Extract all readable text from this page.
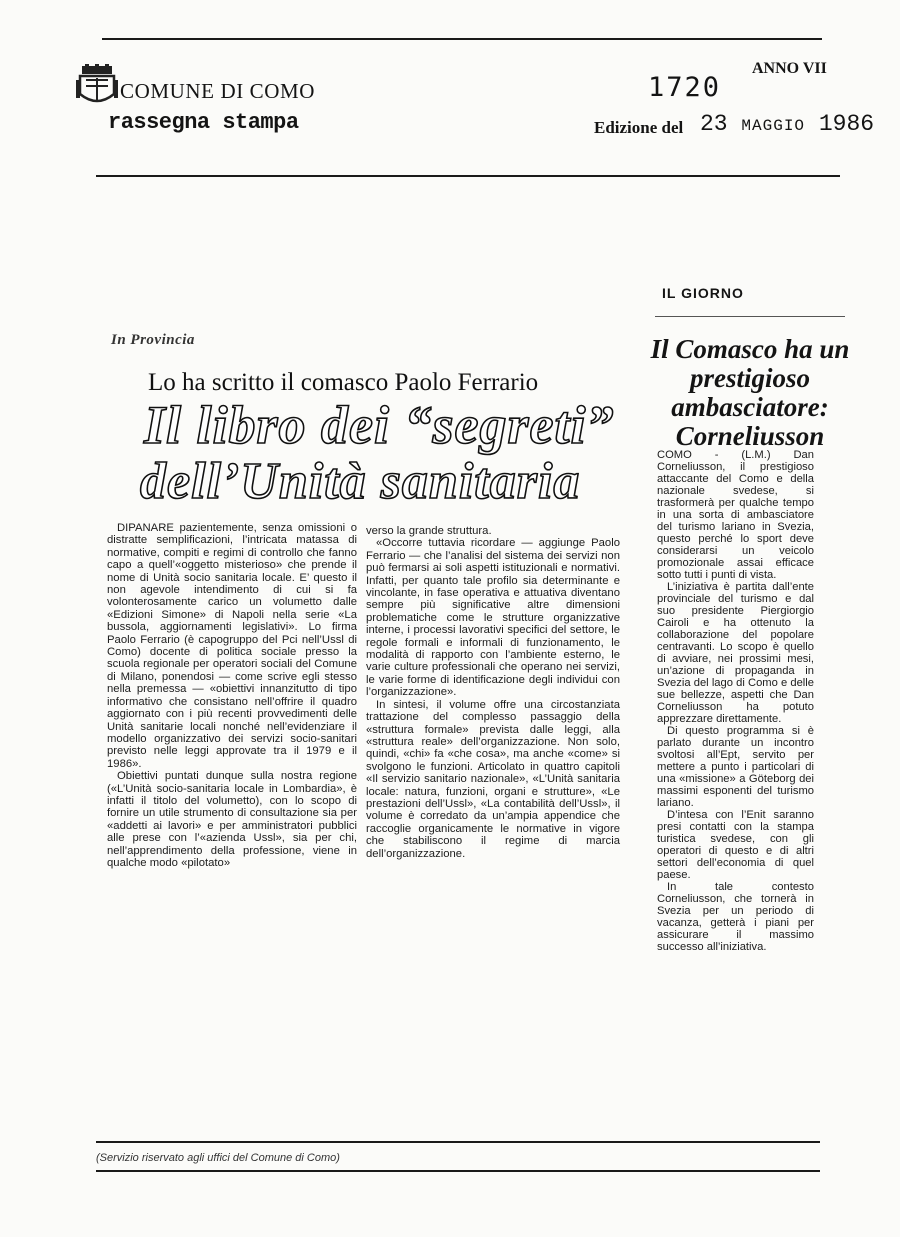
COMUNE DI COMO
rassegna stampa
ANNO VII
1720
Edizione del 23 MAGGIO 1986
In Provincia
Lo ha scritto il comasco Paolo Ferrario
Il libro dei “segreti”
dell’Unità sanitaria

DIPANARE pazientemente, senza omissioni o distratte semplificazioni, l’intricata matassa di normative, compiti e regimi di controllo che fanno capo a quell’«oggetto misterioso» che prende il nome di Unità socio sanitaria locale. E’ questo il non agevole intendimento di cui si fa volonterosamente carico un volumetto dalle «Edizioni Simone» di Napoli nella serie «La bussola, aggiornamenti legislativi». Lo firma Paolo Ferrario (è capogruppo del Pci nell’Ussl di Como) docente di politica sociale presso la scuola regionale per operatori sociali del Comune di Milano, ponendosi — come scrive egli stesso nella premessa — «obiettivi innanzitutto di tipo informativo che consistano nell’offrire il quadro aggiornato con i più recenti provvedimenti delle Unità sanitarie locali nonché nell’evidenziare il modello organizzativo dei servizi socio-sanitari previsto nelle leggi approvate tra il 1979 e il 1986».

Obiettivi puntati dunque sulla nostra regione («L’Unità socio-sanitaria locale in Lombardia», è infatti il titolo del volumetto), con lo scopo di fornire un utile strumento di consultazione sia per «addetti ai lavori» e per amministratori pubblici alle prese con l’«azienda Ussl», sia per chi, nell’apprendimento della professione, viene in qualche modo «pilotato»

verso la grande struttura.

«Occorre tuttavia ricordare — aggiunge Paolo Ferrario — che l’analisi del sistema dei servizi non può fermarsi ai soli aspetti istituzionali e normativi. Infatti, per quanto tale profilo sia determinante e vincolante, in fase operativa e attuativa diventano sempre più significative altre dimensioni problematiche come le strutture organizzative interne, i processi lavorativi specifici del settore, le regole formali e informali di funzionamento, le modalità di rapporto con l’ambiente esterno, le varie culture professionali che operano nei servizi, le varie forme di identificazione degli individui con l’organizzazione».

In sintesi, il volume offre una circostanziata trattazione del complesso passaggio della «struttura formale» prevista dalle leggi, alla «struttura reale» dell’organizzazione. Non solo, quindi, «chi» fa «che cosa», ma anche «come» si svolgono le funzioni. Articolato in quattro capitoli «Il servizio sanitario nazionale», «L’Unità sanitaria locale: natura, funzioni, organi e strutture», «Le prestazioni dell’Ussl», «La contabilità dell’Ussl», il volume è corredato da un’ampia appendice che raccoglie organicamente le normative in vigore che stabiliscono il regime di marcia dell’organizzazione.

IL GIORNO
Il Comasco ha un prestigioso ambasciatore: Corneliusson

COMO - (L.M.) Dan Corneliusson, il prestigioso attaccante del Como e della nazionale svedese, si trasformerà per qualche tempo in una sorta di ambasciatore del turismo lariano in Svezia, questo perché lo sport deve considerarsi un veicolo promozionale assai efficace sotto tutti i punti di vista.

L’iniziativa è partita dall’ente provinciale del turismo e dal suo presidente Piergiorgio Cairoli e ha ottenuto la collaborazione del popolare centravanti. Lo scopo è quello di avviare, nei prossimi mesi, un’azione di propaganda in Svezia del lago di Como e delle sue bellezze, aspetti che Dan Corneliusson ha potuto apprezzare direttamente.

Di questo programma si è parlato durante un incontro svoltosi all’Ept, servito per mettere a punto i particolari di una «missione» a Göteborg dei massimi esponenti del turismo lariano.

D’intesa con l’Enit saranno presi contatti con la stampa turistica svedese, con gli operatori di questo e di altri settori dell’economia di quel paese.

In tale contesto Corneliusson, che tornerà in Svezia per un periodo di vacanza, getterà i piani per assicurare il massimo successo all’iniziativa.

(Servizio riservato agli uffici del Comune di Como)
